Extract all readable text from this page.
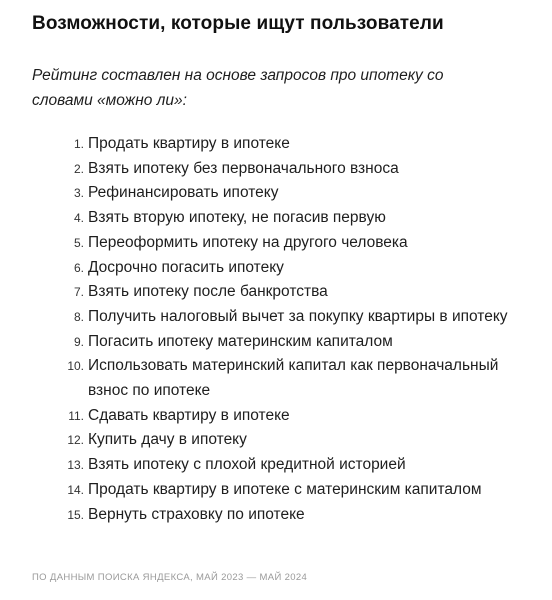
Возможности, которые ищут пользователи

Рейтинг составлен на основе запросов про ипотеку со словами «можно ли»:

1. Продать квартиру в ипотеке
2. Взять ипотеку без первоначального взноса
3. Рефинансировать ипотеку
4. Взять вторую ипотеку, не погасив первую
5. Переоформить ипотеку на другого человека
6. Досрочно погасить ипотеку
7. Взять ипотеку после банкротства
8. Получить налоговый вычет за покупку квартиры в ипотеку
9. Погасить ипотеку материнским капиталом
10. Использовать материнский капитал как первоначальный взнос по ипотеке
11. Сдавать квартиру в ипотеке
12. Купить дачу в ипотеку
13. Взять ипотеку с плохой кредитной историей
14. Продать квартиру в ипотеке с материнским капиталом
15. Вернуть страховку по ипотеке

ПО ДАННЫМ ПОИСКА ЯНДЕКСА, МАЙ 2023 — МАЙ 2024
